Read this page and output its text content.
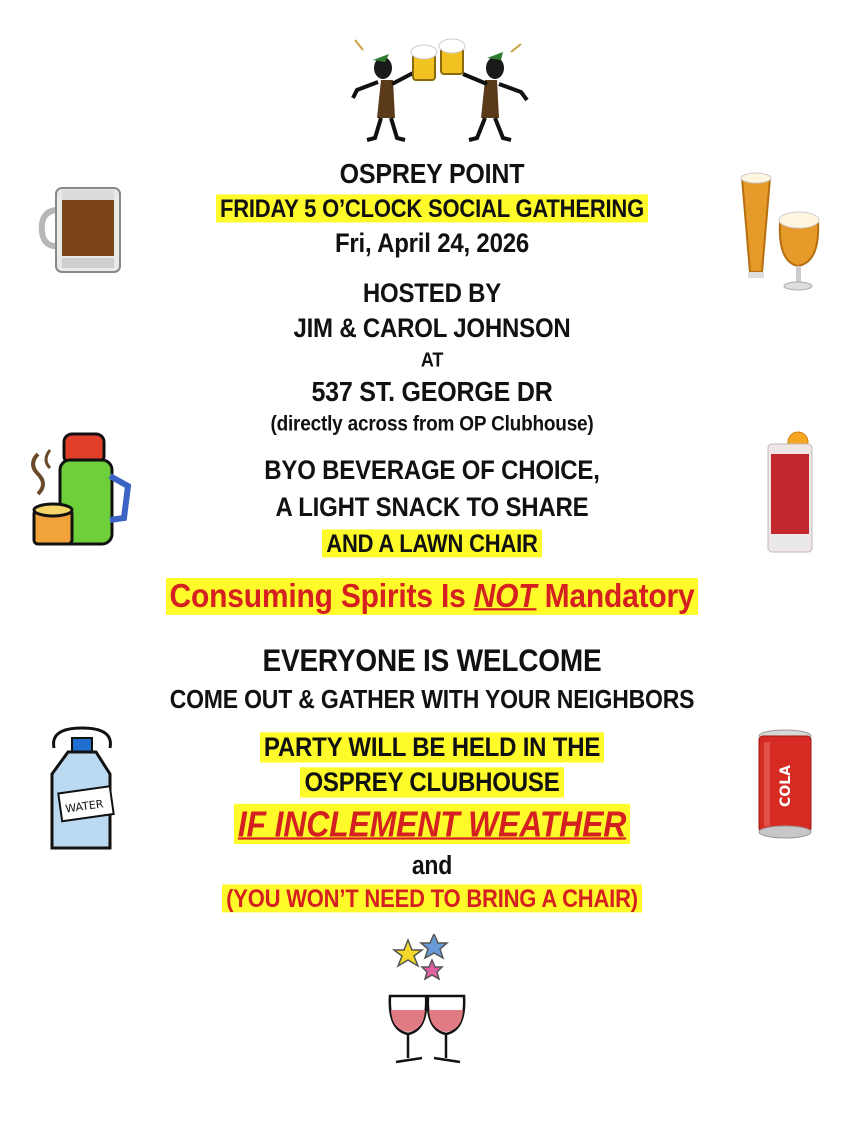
WATER	COLA
OSPREY POINT
FRIDAY 5 O’CLOCK SOCIAL GATHERING
Fri, April 24, 2026
HOSTED BY
JIM & CAROL JOHNSON
AT
537 ST. GEORGE DR
(directly across from OP Clubhouse)
BYO BEVERAGE OF CHOICE,
A LIGHT SNACK TO SHARE
AND A LAWN CHAIR
Consuming Spirits Is NOT Mandatory
EVERYONE IS WELCOME
COME OUT & GATHER WITH YOUR NEIGHBORS
PARTY WILL BE HELD IN THE
OSPREY CLUBHOUSE
IF INCLEMENT WEATHER
and
(YOU WON’T NEED TO BRING A CHAIR)
